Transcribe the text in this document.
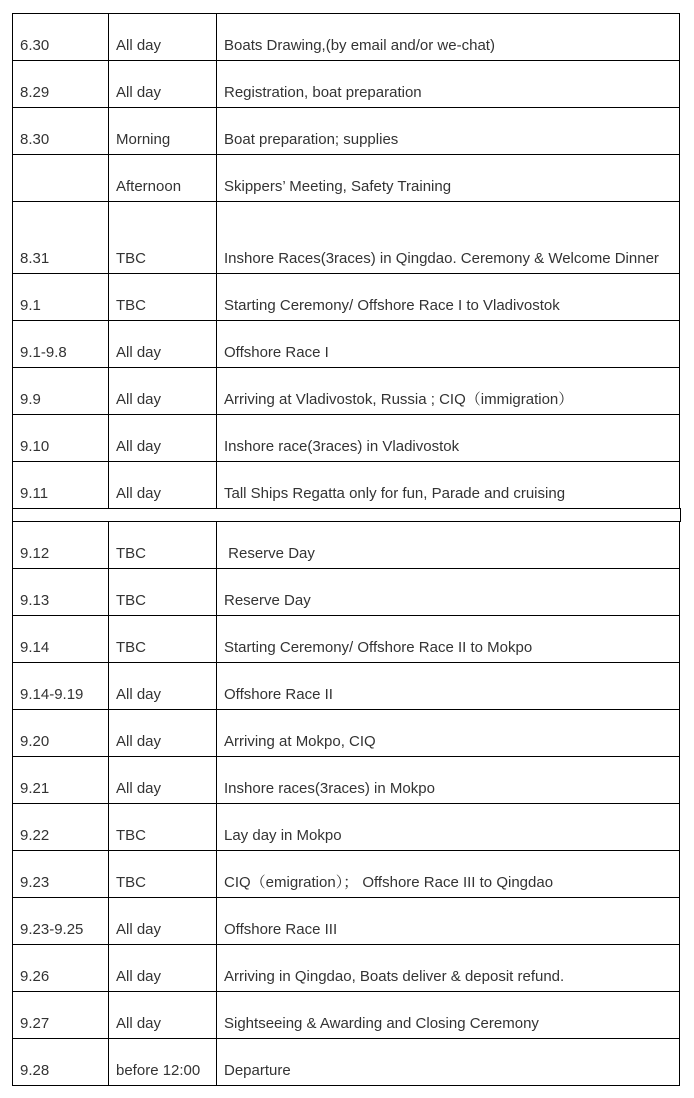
6.30	All day	Boats Drawing,(by email and/or we-chat)
8.29	All day	Registration, boat preparation
8.30	Morning	Boat preparation; supplies
	Afternoon	Skippers’ Meeting, Safety Training
8.31	TBC	Inshore Races(3races) in Qingdao. Ceremony & Welcome Dinner
9.1	TBC	Starting Ceremony/ Offshore Race I to Vladivostok
9.1-9.8	All day	Offshore Race I
9.9	All day	Arriving at Vladivostok, Russia ; CIQ（immigration）
9.10	All day	Inshore race(3races) in Vladivostok
9.11	All day	Tall Ships Regatta only for fun, Parade and cruising
9.12	TBC	Reserve Day
9.13	TBC	Reserve Day
9.14	TBC	Starting Ceremony/ Offshore Race II to Mokpo
9.14-9.19	All day	Offshore Race II
9.20	All day	Arriving at Mokpo, CIQ
9.21	All day	Inshore races(3races) in Mokpo
9.22	TBC	Lay day in Mokpo
9.23	TBC	CIQ（emigration）； Offshore Race III to Qingdao
9.23-9.25	All day	Offshore Race III
9.26	All day	Arriving in Qingdao, Boats deliver & deposit refund.
9.27	All day	Sightseeing & Awarding and Closing Ceremony
9.28	before 12:00	Departure
